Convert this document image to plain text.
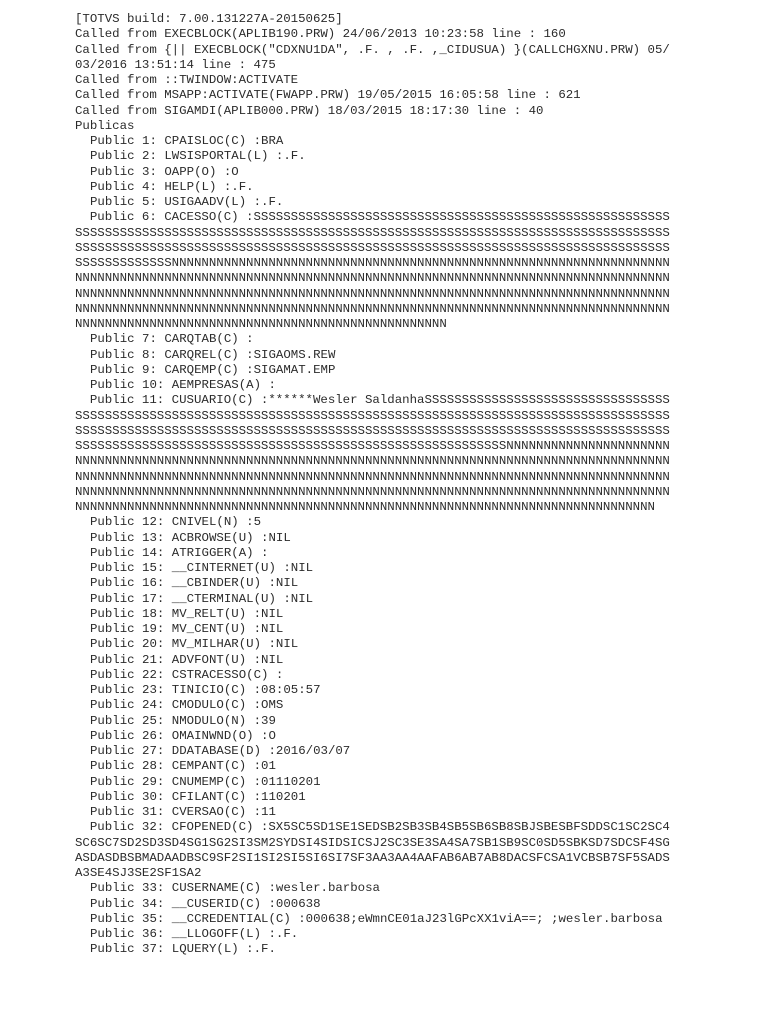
[TOTVS build: 7.00.131227A-20150625]
Called from EXECBLOCK(APLIB190.PRW) 24/06/2013 10:23:58 line : 160
Called from {|| EXECBLOCK("CDXNU1DA", .F. , .F. ,_CIDUSUA) }(CALLCHGXNU.PRW) 05/03/2016 13:51:14 line : 475
Called from ::TWINDOW:ACTIVATE
Called from MSAPP:ACTIVATE(FWAPP.PRW) 19/05/2015 16:05:58 line : 621
Called from SIGAMDI(APLIB000.PRW) 18/03/2015 18:17:30 line : 40
Publicas
Public 1: CPAISLOC(C) :BRA
Public 2: LWSISPORTAL(L) :.F.
Public 3: OAPP(O) :O
Public 4: HELP(L) :.F.
Public 5: USIGAADV(L) :.F.
Public 6: CACESSO(C) :SSSSSSSSSSSSSSSSSSSSSSSSSSSSSSSSSSSSSSSSSSSSSSSSSSSSSSSSSSSSSSSSSSSSSSSSSSSSSSSSSSSSSSSSSSSSSSSSSSSSSSSSSSSSSSSSSSSSSSSSSSSSSSSSSSSSSSSSSSSSSSSSSSSSSSSSSSSSSSSSSSSSSSSSSSSSSSSSSSSSSSSSSSSSSSSSSSSSSSSSSSSSSSSSSSSSSSSSSSSSSSSSSSSSSNNNNNNNNNNNNNNNNNNNNNNNNNNNNNNNNNNNNNNNNNNNNNNNNNNNNNNNNNNNNNNNNNNNNNNNNNNNNNNNNNNNNNNNNNNNNNNNNNNNNNNNNNNNNNNNNNNNNNNNNNNNNNNNNNNNNNNNNNNNNNNNNNNNNNNNNNNNNNNNNNNNNNNNNNNNNNNNNNNNNNNNNNNNNNNNNNNNNNNNNNNNNNNNNNNNNNNNNNNNNNNNNNNNNNNNNNNNNNNNNNNNNNNNNNNNNNNNNNNNNNNNNNNNNNNNNNNNNNNNNNNNNNNNNNNNNNNNNNNNNNNNNNNNNNNNNNNNNNNNNNNNNNNNNNNNNNNNNNNNNNNNNNNNNNNNNNNNNN
Public 7: CARQTAB(C) :
Public 8: CARQREL(C) :SIGAOMS.REW
Public 9: CARQEMP(C) :SIGAMAT.EMP
Public 10: AEMPRESAS(A) :
Public 11: CUSUARIO(C) :******Wesler SaldanhaSSSSSSSSSSSSSSSSSSSSSSSSSSSSSSSSSSSSSSSSSSSSSSSSSSSSSSSSSSSSSSSSSSSSSSSSSSSSSSSSSSSSSSSSSSSSSSSSSSSSSSSSSSSSSSSSSSSSSSSSSSSSSSSSSSSSSSSSSSSSSSSSSSSSSSSSSSSSSSSSSSSSSSSSSSSSSSSSSSSSSSSSSSSSSSSSSSSSSSSSSSSSSSSSSSSSSSSSSSSSSSSSSSSSSSSSSSSSSSSSSSSSSSSSSSSNNNNNNNNNNNNNNNNNNNNNNNNNNNNNNNNNNNNNNNNNNNNNNNNNNNNNNNNNNNNNNNNNNNNNNNNNNNNNNNNNNNNNNNNNNNNNNNNNNNNNNNNNNNNNNNNNNNNNNNNNNNNNNNNNNNNNNNNNNNNNNNNNNNNNNNNNNNNNNNNNNNNNNNNNNNNNNNNNNNNNNNNNNNNNNNNNNNNNNNNNNNNNNNNNNNNNNNNNNNNNNNNNNNNNNNNNNNNNNNNNNNNNNNNNNNNNNNNNNNNNNNNNNNNNNNNNNNNNNNNNNNNNNNNNNNNNNNNNNNNNNNNNNNNNNNNNNNNNNNNNNNNNNNNNNNNNNNNNNNN
Public 12: CNIVEL(N) :5
Public 13: ACBROWSE(U) :NIL
Public 14: ATRIGGER(A) :
Public 15: __CINTERNET(U) :NIL
Public 16: __CBINDER(U) :NIL
Public 17: __CTERMINAL(U) :NIL
Public 18: MV_RELT(U) :NIL
Public 19: MV_CENT(U) :NIL
Public 20: MV_MILHAR(U) :NIL
Public 21: ADVFONT(U) :NIL
Public 22: CSTRACESSO(C) :
Public 23: TINICIO(C) :08:05:57
Public 24: CMODULO(C) :OMS
Public 25: NMODULO(N) :39
Public 26: OMAINWND(O) :O
Public 27: DDATABASE(D) :2016/03/07
Public 28: CEMPANT(C) :01
Public 29: CNUMEMP(C) :01110201
Public 30: CFILANT(C) :110201
Public 31: CVERSAO(C) :11
Public 32: CFOPENED(C) :SX5SC5SD1SE1SEDSB2SB3SB4SB5SB6SB8SBJSBESBFSDDSC1SC2SC4SC6SC7SD2SD3SD4SG1SG2SI3SM2SYDSI4SIDSICSJ2SC3SE3SA4SA7SB1SB9SC0SD5SBKSD7SDCSF4SGASDASDBSBMADAADBSC9SF2SI1SI2SI5SI6SI7SF3AA3AA4AAFAB6AB7AB8DACSFCSA1VCBSB7SF5SADSA3SE4SJ3SE2SF1SA2
Public 33: CUSERNAME(C) :wesler.barbosa
Public 34: __CUSERID(C) :000638
Public 35: __CCREDENTIAL(C) :000638;eWmnCE01aJ23lGPcXX1viA==; ;wesler.barbosa
Public 36: __LLOGOFF(L) :.F.
Public 37: LQUERY(L) :.F.
